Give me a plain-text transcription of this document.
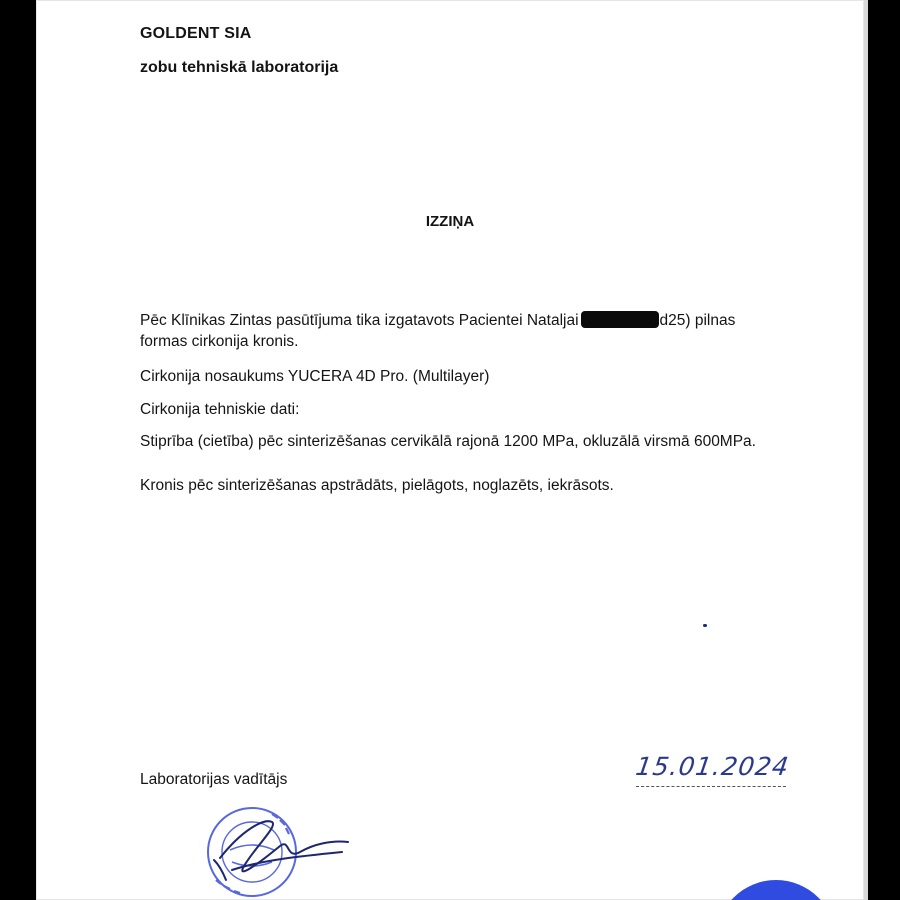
GOLDENT SIA
zobu tehniskā laboratorija
IZZIŅA
Pēc Klīnikas Zintas pasūtījuma tika izgatavots Pacientei Nataljai	d25) pilnas formas cirkonija kronis.
Cirkonija nosaukums YUCERA 4D Pro. (Multilayer)
Cirkonija tehniskie dati:
Stiprība (cietība) pēc sinterizēšanas cervikālā rajonā 1200 MPa, okluzālā virsmā 600MPa.
Kronis pēc sinterizēšanas apstrādāts, pielāgots, noglazēts, iekrāsots.
15.01.2024
Laboratorijas vadītājs
